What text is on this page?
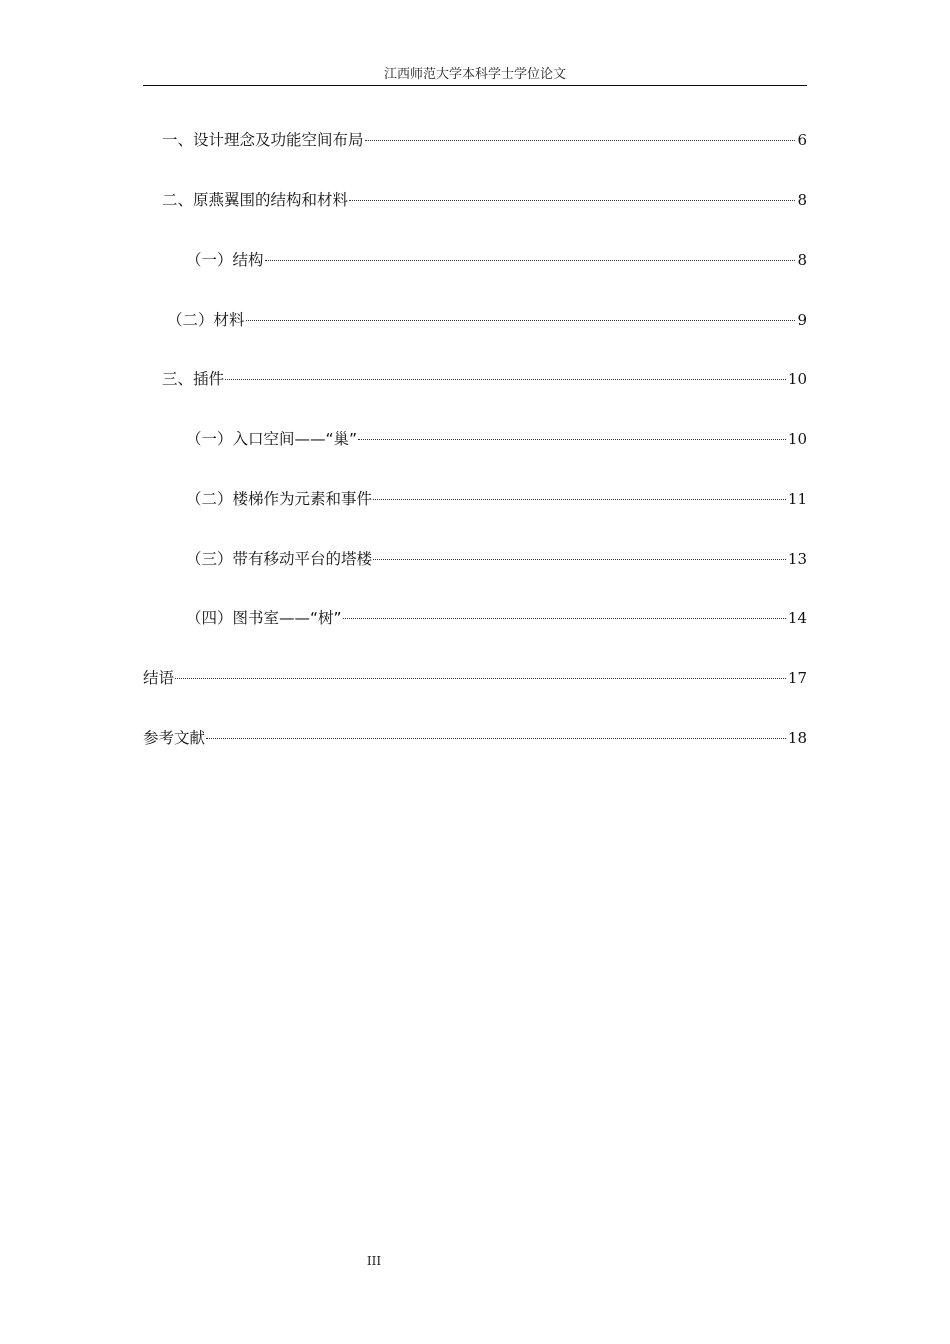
江西师范大学本科学士学位论文
一、设计理念及功能空间布局	6
二、原燕翼围的结构和材料	8
（一）结构	8
（二）材料	9
三、插件	10
（一）入口空间——“巢”	10
（二）楼梯作为元素和事件	11
（三）带有移动平台的塔楼	13
（四）图书室——“树”	14
结语	17
参考文献	18
III
